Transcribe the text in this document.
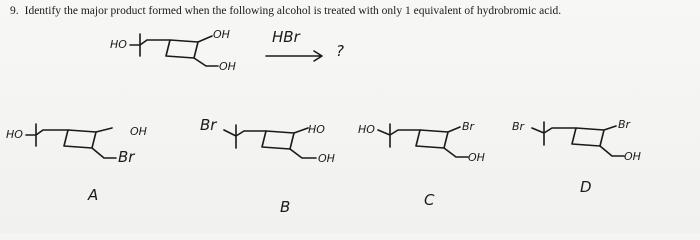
9. Identify the major product formed when the following alcohol is treated with only 1 equivalent of hydrobromic acid.
HO
OH
OH
HBr
?
HO	OH
Br
A
Br	HO
OH
B
HO	Br
OH
C
Br	Br
OH
D
